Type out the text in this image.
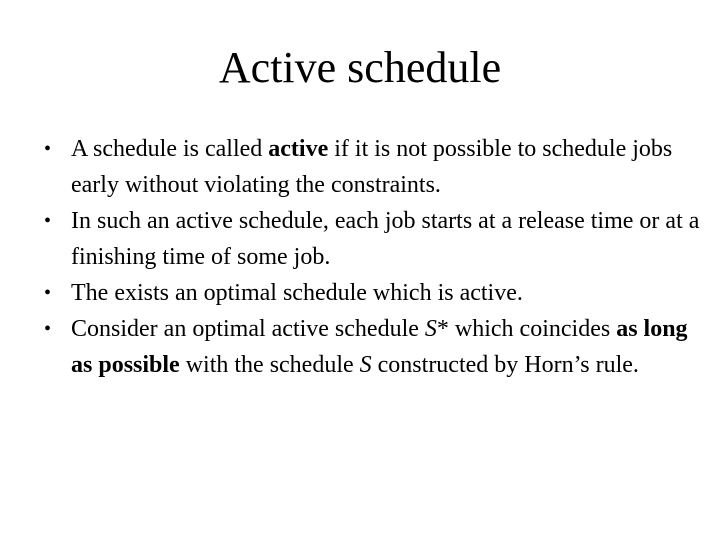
Active schedule
• A schedule is called active if it is not possible to schedule jobs early without violating the constraints.
• In such an active schedule, each job starts at a release time or at a finishing time of some job.
• The exists an optimal schedule which is active.
• Consider an optimal active schedule S* which coincides as long as possible with the schedule S constructed by Horn’s rule.
